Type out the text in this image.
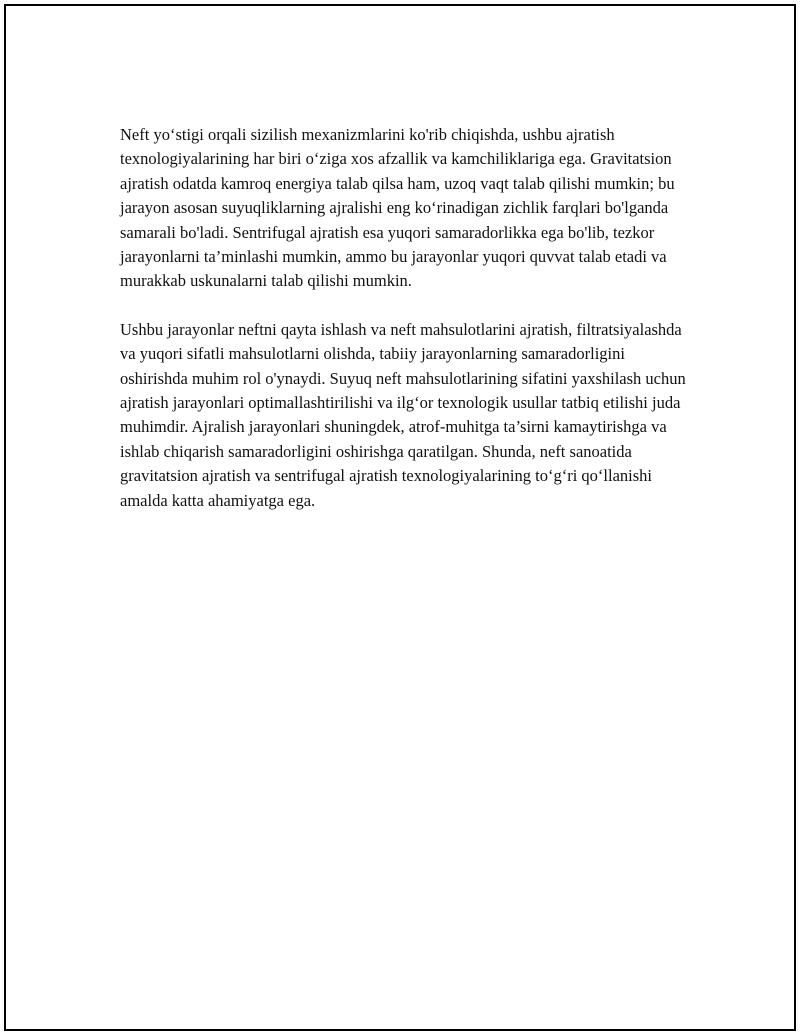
Neft yo‘stigi orqali sizilish mexanizmlarini ko'rib chiqishda, ushbu ajratish texnologiyalarining har biri o‘ziga xos afzallik va kamchiliklariga ega. Gravitatsion ajratish odatda kamroq energiya talab qilsa ham, uzoq vaqt talab qilishi mumkin; bu jarayon asosan suyuqliklarning ajralishi eng ko‘rinadigan zichlik farqlari bo'lganda samarali bo'ladi. Sentrifugal ajratish esa yuqori samaradorlikka ega bo'lib, tezkor jarayonlarni ta’minlashi mumkin, ammo bu jarayonlar yuqori quvvat talab etadi va murakkab uskunalarni talab qilishi mumkin.

Ushbu jarayonlar neftni qayta ishlash va neft mahsulotlarini ajratish, filtratsiyalashda va yuqori sifatli mahsulotlarni olishda, tabiiy jarayonlarning samaradorligini oshirishda muhim rol o'ynaydi. Suyuq neft mahsulotlarining sifatini yaxshilash uchun ajratish jarayonlari optimallashtirilishi va ilg‘or texnologik usullar tatbiq etilishi juda muhimdir. Ajralish jarayonlari shuningdek, atrof-muhitga ta’sirni kamaytirishga va ishlab chiqarish samaradorligini oshirishga qaratilgan. Shunda, neft sanoatida gravitatsion ajratish va sentrifugal ajratish texnologiyalarining to‘g‘ri qo‘llanishi amalda katta ahamiyatga ega.
